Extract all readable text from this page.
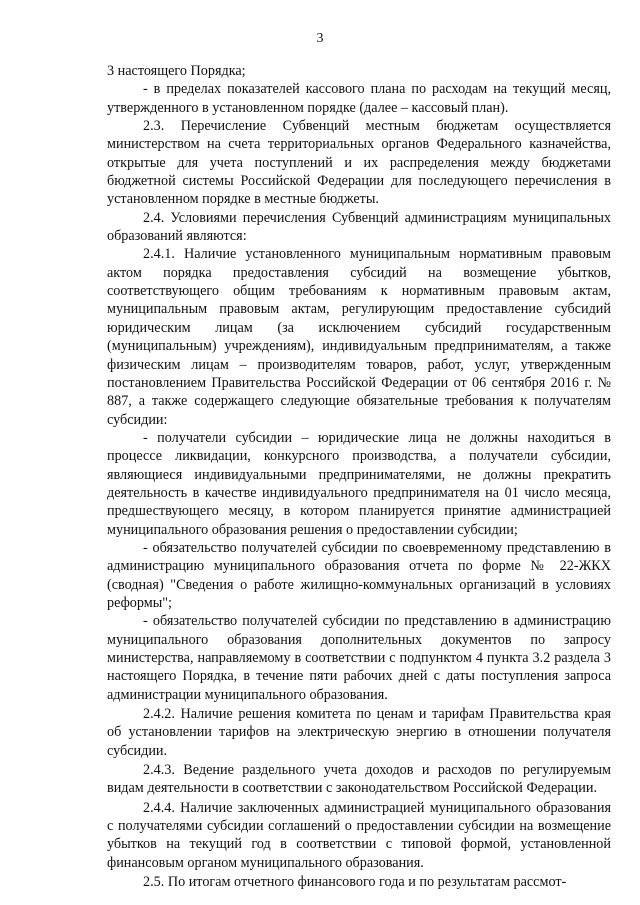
3

3 настоящего Порядка;

- в пределах показателей кассового плана по расходам на текущий месяц, утвержденного в установленном порядке (далее – кассовый план).

2.3. Перечисление Субвенций местным бюджетам осуществляется министерством на счета территориальных органов Федерального казначейства, открытые для учета поступлений и их распределения между бюджетами бюджетной системы Российской Федерации для последующего перечисления в установленном порядке в местные бюджеты.

2.4. Условиями перечисления Субвенций администрациям муниципальных образований являются:

2.4.1. Наличие установленного муниципальным нормативным правовым актом порядка предоставления субсидий на возмещение убытков, соответствующего общим требованиям к нормативным правовым актам, муниципальным правовым актам, регулирующим предоставление субсидий юридическим лицам (за исключением субсидий государственным (муниципальным) учреждениям), индивидуальным предпринимателям, а также физическим лицам – производителям товаров, работ, услуг, утвержденным постановлением Правительства Российской Федерации от 06 сентября 2016 г. № 887, а также содержащего следующие обязательные требования к получателям субсидии:

- получатели субсидии – юридические лица не должны находиться в процессе ликвидации, конкурсного производства, а получатели субсидии, являющиеся индивидуальными предпринимателями, не должны прекратить деятельность в качестве индивидуального предпринимателя на 01 число месяца, предшествующего месяцу, в котором планируется принятие администрацией муниципального образования решения о предоставлении субсидии;

- обязательство получателей субсидии по своевременному представлению в администрацию муниципального образования отчета по форме № 22-ЖКХ (сводная) "Сведения о работе жилищно-коммунальных организаций в условиях реформы";

- обязательство получателей субсидии по представлению в администрацию муниципального образования дополнительных документов по запросу министерства, направляемому в соответствии с подпунктом 4 пункта 3.2 раздела 3 настоящего Порядка, в течение пяти рабочих дней с даты поступления запроса администрации муниципального образования.

2.4.2. Наличие решения комитета по ценам и тарифам Правительства края об установлении тарифов на электрическую энергию в отношении получателя субсидии.

2.4.3. Ведение раздельного учета доходов и расходов по регулируемым видам деятельности в соответствии с законодательством Российской Федерации.

2.4.4. Наличие заключенных администрацией муниципального образования с получателями субсидии соглашений о предоставлении субсидии на возмещение убытков на текущий год в соответствии с типовой формой, установленной финансовым органом муниципального образования.

2.5. По итогам отчетного финансового года и по результатам рассмот-
